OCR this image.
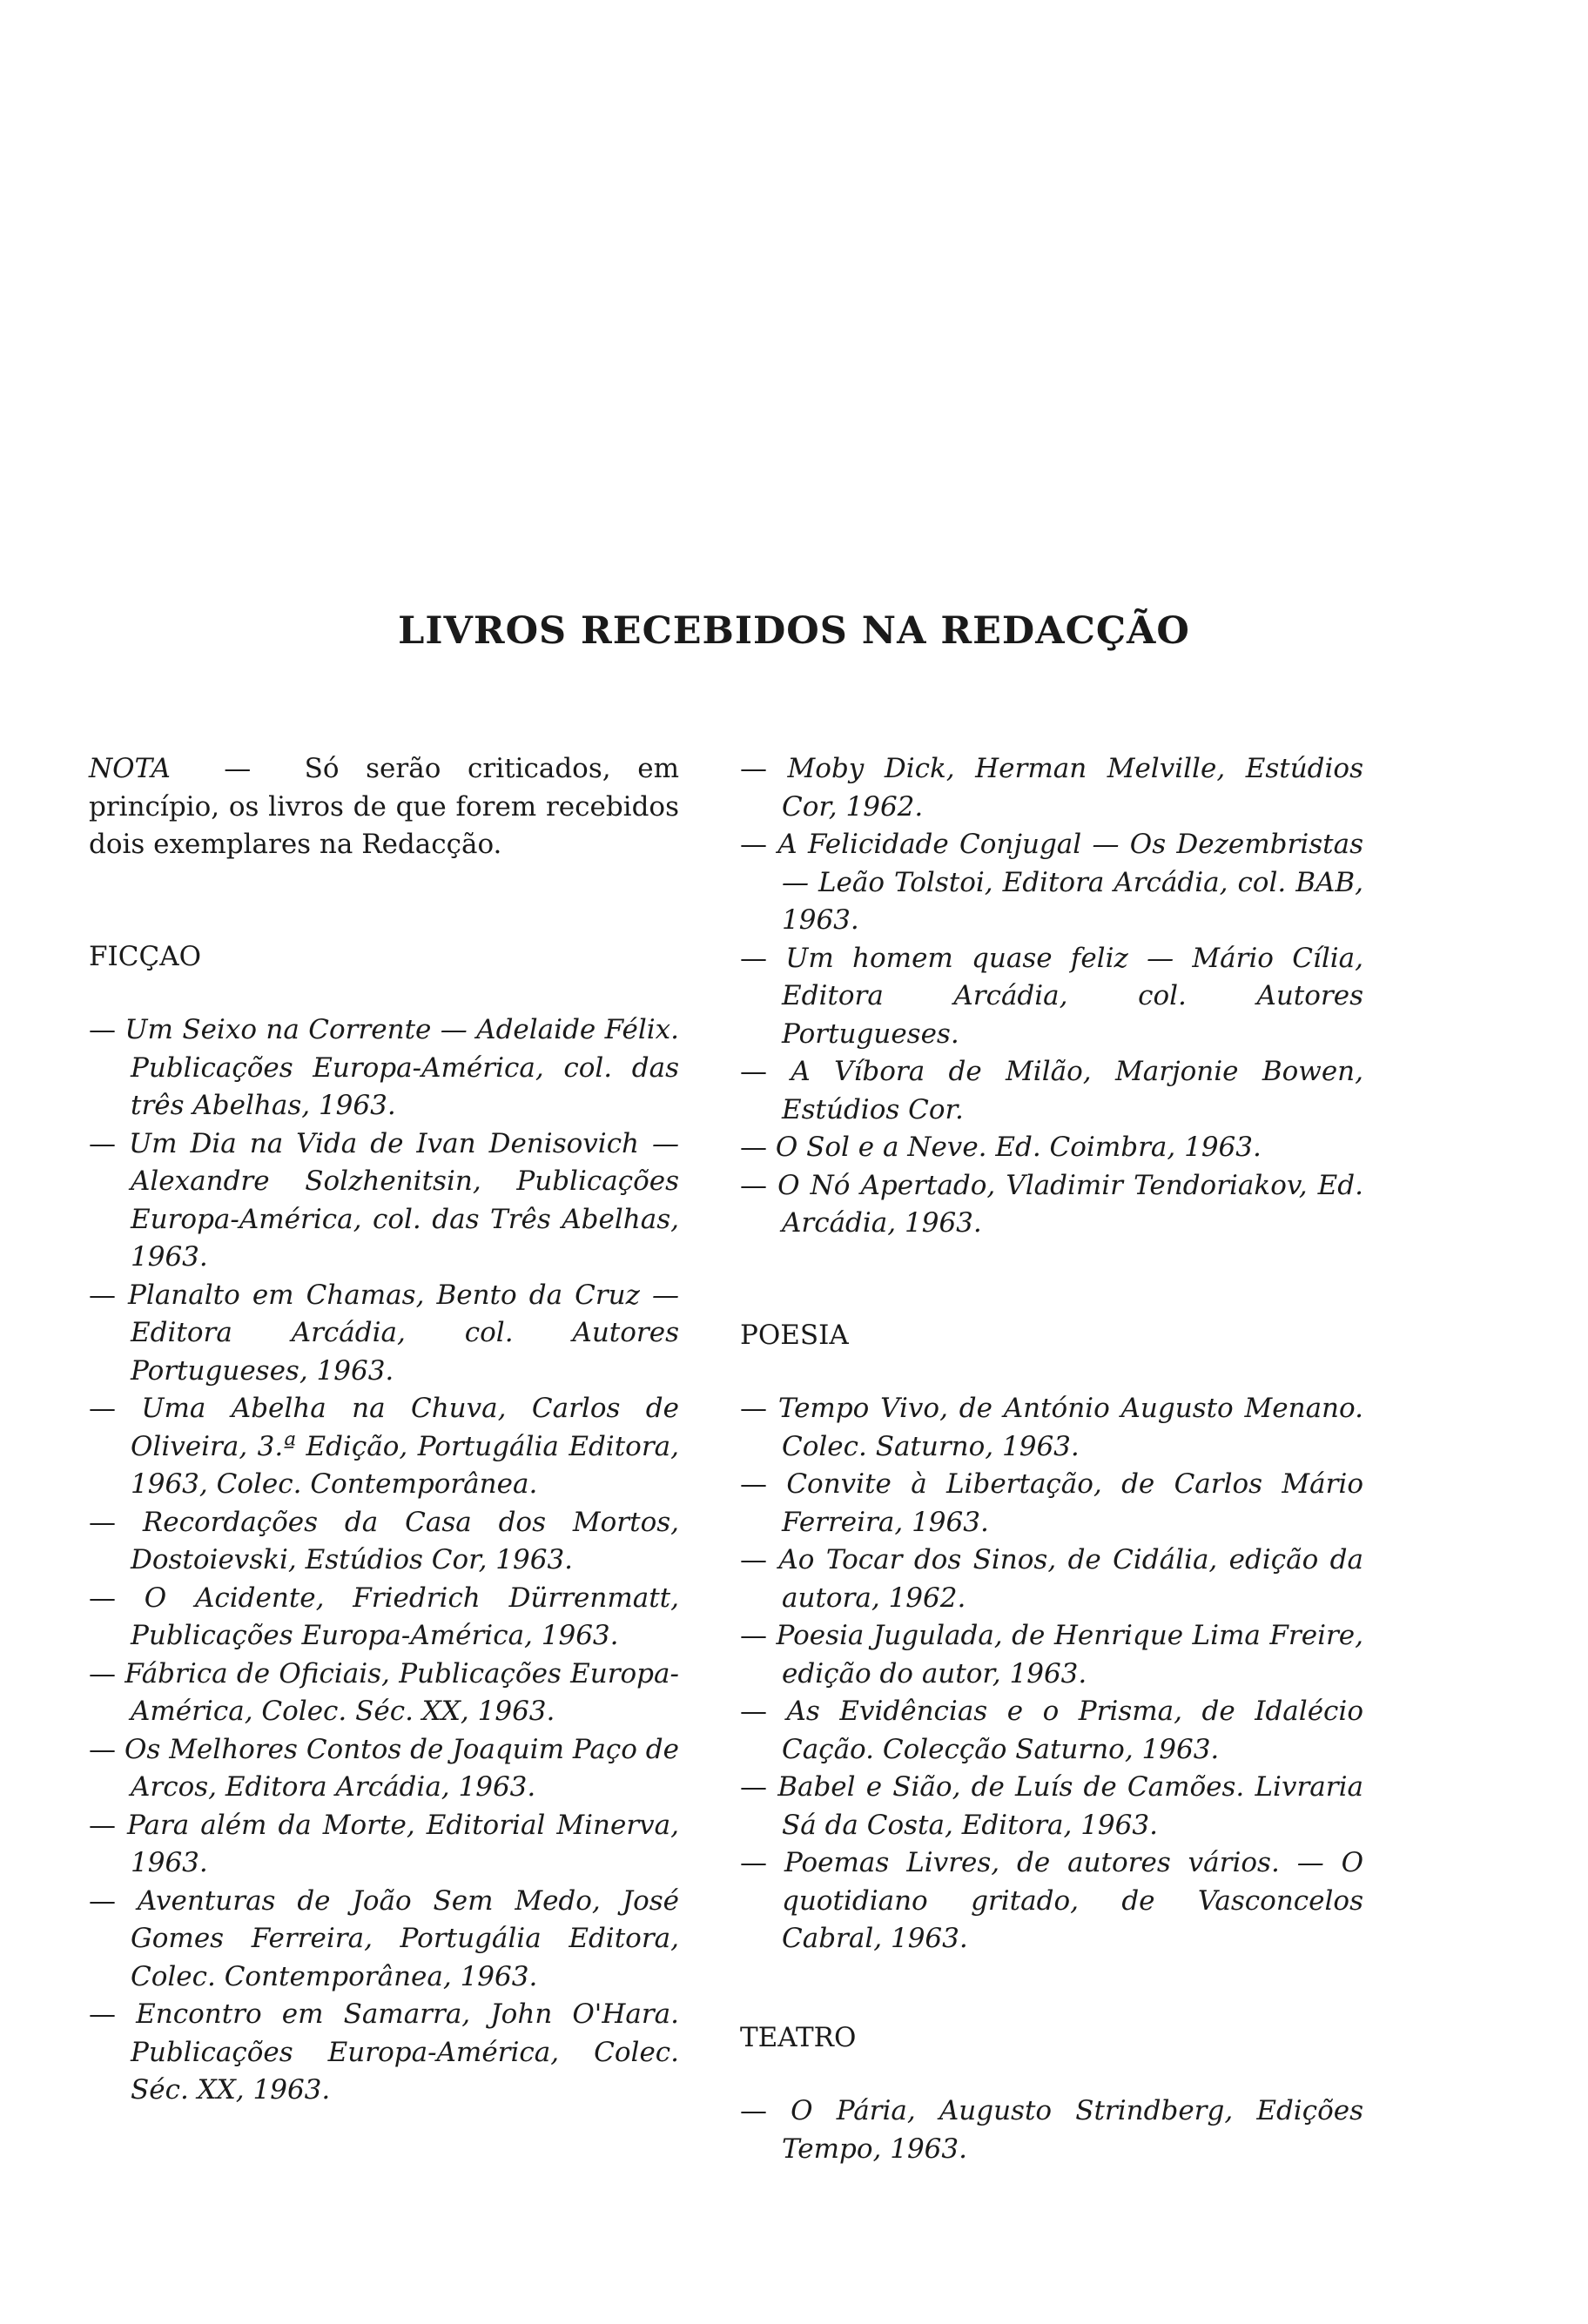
LIVROS RECEBIDOS NA REDACÇÃO

NOTA  —  Só serão criticados, em princípio, os livros de que forem recebidos dois exemplares na Redacção.

FICÇAO

— Um Seixo na Corrente — Adelaide Félix. Publicações Europa-América, col. das três Abelhas, 1963.

— Um Dia na Vida de Ivan Denisovich — Alexandre Solzhenitsin, Publicações Europa-América, col. das Três Abelhas, 1963.

— Planalto em Chamas, Bento da Cruz — Editora Arcádia, col. Autores Portugueses, 1963.

— Uma Abelha na Chuva, Carlos de Oliveira, 3.ª Edição, Portugália Editora, 1963, Colec. Contemporânea.

— Recordações da Casa dos Mortos, Dostoievski, Estúdios Cor, 1963.

— O Acidente, Friedrich Dürrenmatt, Publicações Europa-América, 1963.

— Fábrica de Oficiais, Publicações Europa-América, Colec. Séc. XX, 1963.

— Os Melhores Contos de Joaquim Paço de Arcos, Editora Arcádia, 1963.

— Para além da Morte, Editorial Minerva, 1963.

— Aventuras de João Sem Medo, José Gomes Ferreira, Portugália Editora, Colec. Contemporânea, 1963.

— Encontro em Samarra, John O'Hara. Publicações Europa-América, Colec. Séc. XX, 1963.

— Moby Dick, Herman Melville, Estúdios Cor, 1962.

— A Felicidade Conjugal — Os Dezembristas — Leão Tolstoi, Editora Arcádia, col. BAB, 1963.

— Um homem quase feliz — Mário Cília, Editora Arcádia, col. Autores Portugueses.

— A Víbora de Milão, Marjonie Bowen, Estúdios Cor.

— O Sol e a Neve. Ed. Coimbra, 1963.

— O Nó Apertado, Vladimir Tendoriakov, Ed. Arcádia, 1963.

POESIA

— Tempo Vivo, de António Augusto Menano. Colec. Saturno, 1963.

— Convite à Libertação, de Carlos Mário Ferreira, 1963.

— Ao Tocar dos Sinos, de Cidália, edição da autora, 1962.

— Poesia Jugulada, de Henrique Lima Freire, edição do autor, 1963.

— As Evidências e o Prisma, de Idalécio Cação. Colecção Saturno, 1963.

— Babel e Sião, de Luís de Camões. Livraria Sá da Costa, Editora, 1963.

— Poemas Livres, de autores vários. — O quotidiano gritado, de Vasconcelos Cabral, 1963.

TEATRO

— O Pária, Augusto Strindberg, Edições Tempo, 1963.
